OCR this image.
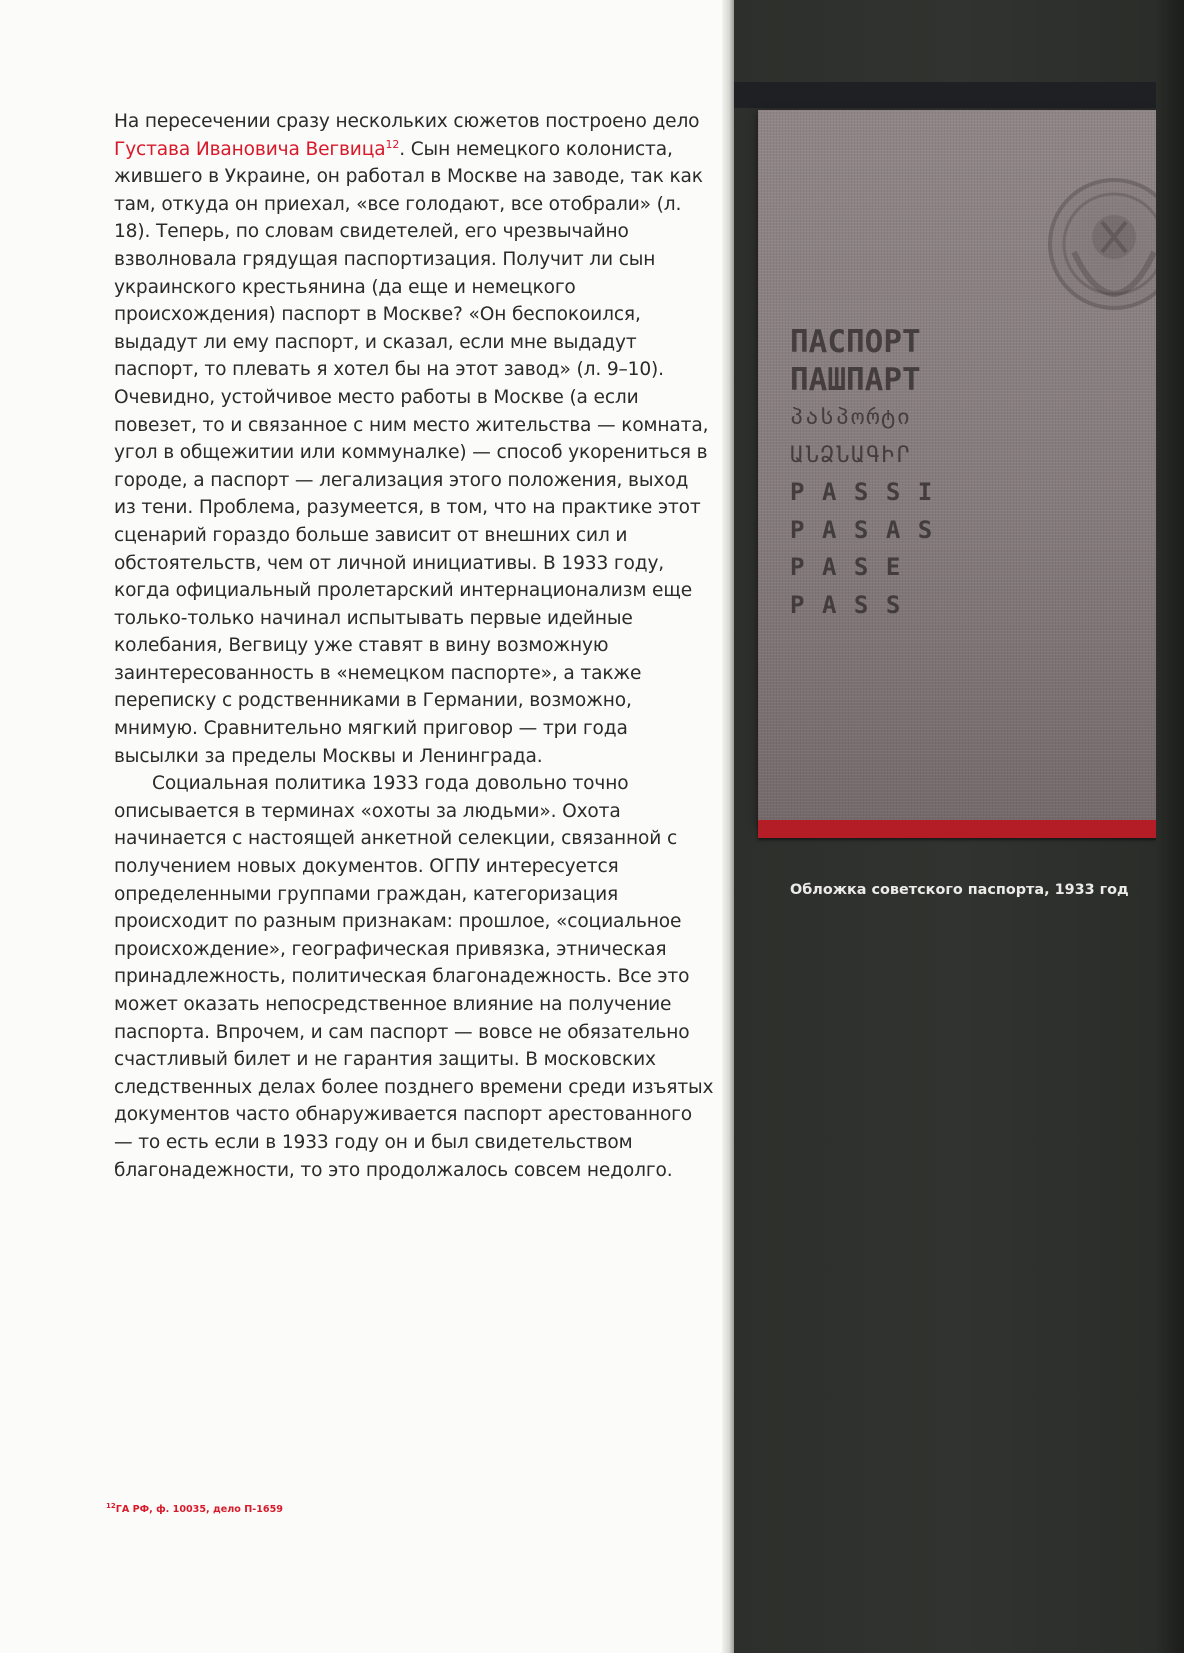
На пересечении сразу нескольких сюжетов построено дело Густава Ивановича Вегвица$^{12}$. Сын немецкого колониста, жившего в Украине, он работал в Москве на заводе, так как там, откуда он приехал, «все голодают, все отобрали» (л. 18). Теперь, по словам свидетелей, его чрезвычайно взволновала грядущая паспортизация. Получит ли сын украинского крестьянина (да еще и немецкого происхождения) паспорт в Москве? «Он беспокоился, выдадут ли ему паспорт, и сказал, если мне выдадут паспорт, то плевать я хотел бы на этот завод» (л. 9–10). Очевидно, устойчивое место работы в Москве (а если повезет, то и связанное с ним место жительства — комната, угол в общежитии или коммуналке) — способ укорениться в городе, а паспорт — легализация этого положения, выход из тени. Проблема, разумеется, в том, что на практике этот сценарий гораздо больше зависит от внешних сил и обстоятельств, чем от личной инициативы. В 1933 году, когда официальный пролетарский интернационализм еще только-только начинал испытывать первые идейные колебания, Вегвицу уже ставят в вину возможную заинтересованность в «немецком паспорте», а также переписку с родственниками в Германии, возможно, мнимую. Сравнительно мягкий приговор — три года высылки за пределы Москвы и Ленинграда.

Социальная политика 1933 года довольно точно описывается в терминах «охоты за людьми». Охота начинается с настоящей анкетной селекции, связанной с получением новых документов. ОГПУ интересуется определенными группами граждан, категоризация происходит по разным признакам: прошлое, «социальное происхождение», географическая привязка, этническая принадлежность, политическая благонадежность. Все это может оказать непосредственное влияние на получение паспорта. Впрочем, и сам паспорт — вовсе не обязательно счастливый билет и не гарантия защиты. В московских следственных делах более позднего времени среди изъятых документов часто обнаруживается паспорт арестованного — то есть если в 1933 году он и был свидетельством благонадежности, то это продолжалось совсем недолго.

$^{12}$ГА РФ, ф. 10035, дело П-1659
ПАСПОРТ
ПАШПАРТ
პასპორტი
ԱՆՁՆԱԳԻՐ
PASSI
PASAS
PASE
PASS
Обложка советского паспорта, 1933 год
